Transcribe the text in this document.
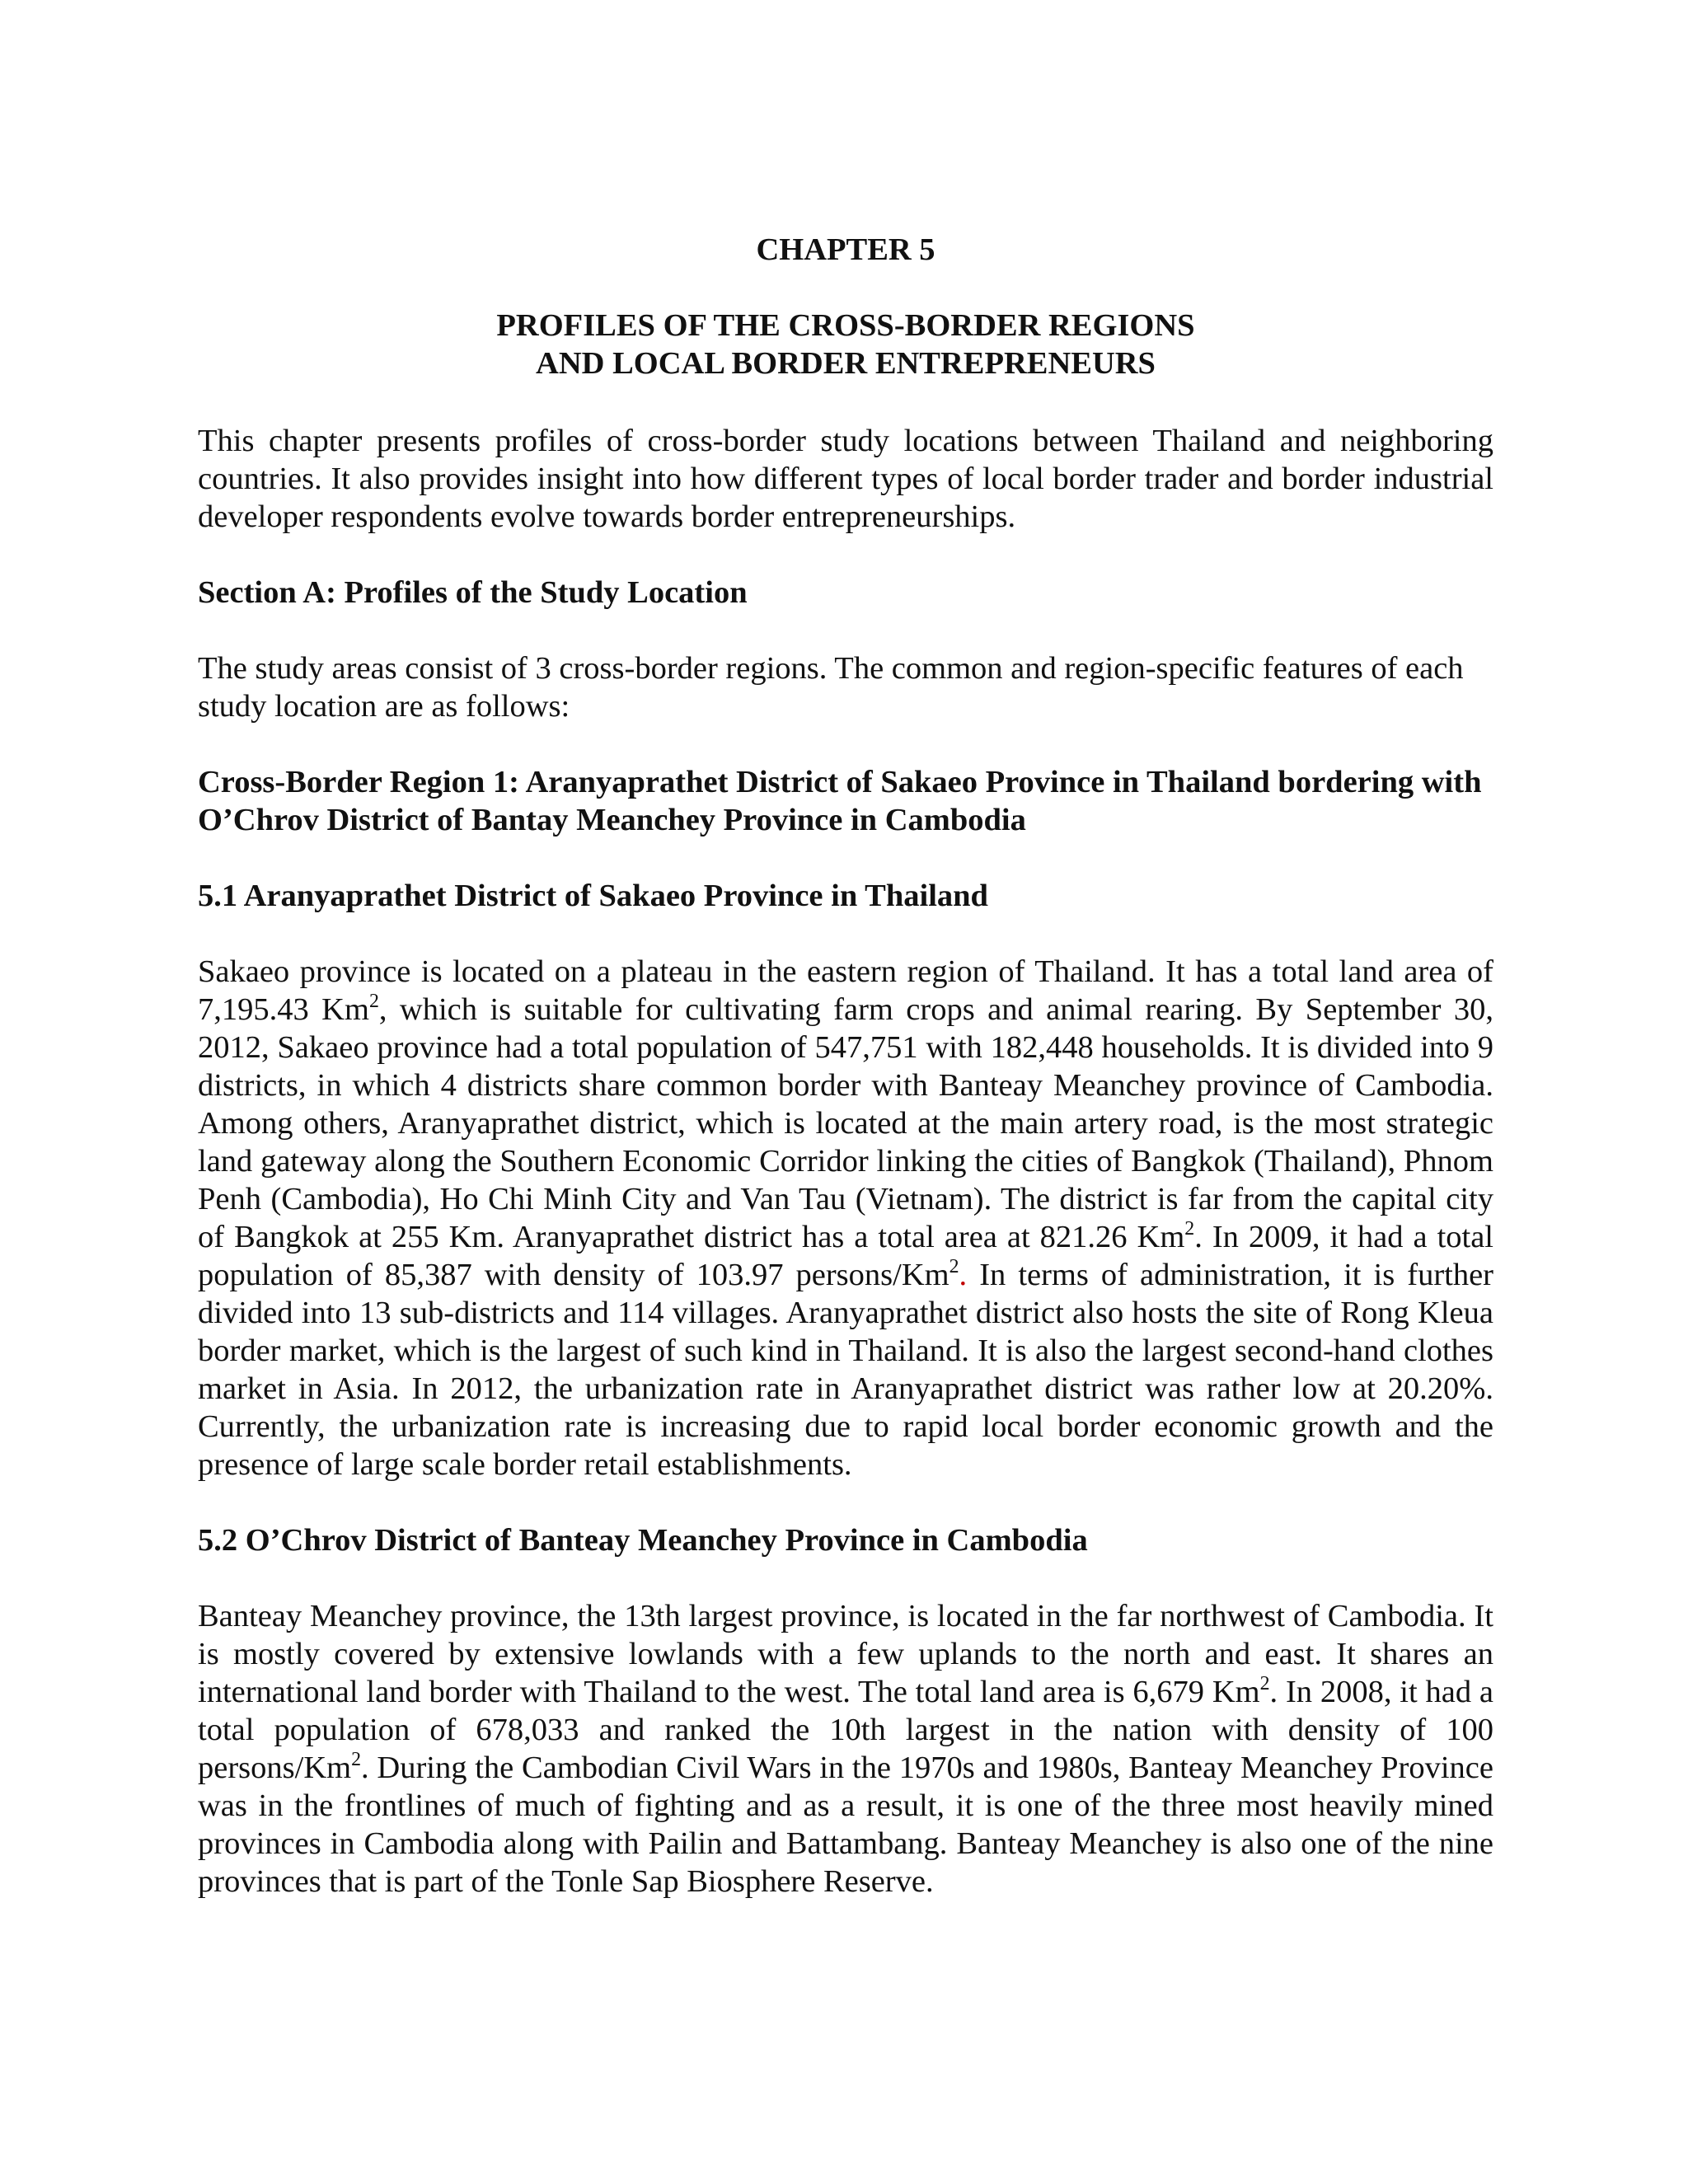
CHAPTER 5
PROFILES OF THE CROSS-BORDER REGIONS
AND LOCAL BORDER ENTREPRENEURS

This chapter presents profiles of cross-border study locations between Thailand and neighboring countries. It also provides insight into how different types of local border trader and border industrial developer respondents evolve towards border entrepreneurships.

Section A: Profiles of the Study Location

The study areas consist of 3 cross-border regions. The common and region-specific features of each study location are as follows:

Cross-Border Region 1: Aranyaprathet District of Sakaeo Province in Thailand bordering with O’Chrov District of Bantay Meanchey Province in Cambodia
5.1 Aranyaprathet District of Sakaeo Province in Thailand

Sakaeo province is located on a plateau in the eastern region of Thailand. It has a total land area of 7,195.43 Km$^2$, which is suitable for cultivating farm crops and animal rearing. By September 30, 2012, Sakaeo province had a total population of 547,751 with 182,448 households. It is divided into 9 districts, in which 4 districts share common border with Banteay Meanchey province of Cambodia. Among others, Aranyaprathet district, which is located at the main artery road, is the most strategic land gateway along the Southern Economic Corridor linking the cities of Bangkok (Thailand), Phnom Penh (Cambodia), Ho Chi Minh City and Van Tau (Vietnam). The district is far from the capital city of Bangkok at 255 Km. Aranyaprathet district has a total area at 821.26 Km$^2$. In 2009, it had a total population of 85,387 with density of 103.97 persons/Km$^2$. In terms of administration, it is further divided into 13 sub-districts and 114 villages. Aranyaprathet district also hosts the site of Rong Kleua border market, which is the largest of such kind in Thailand. It is also the largest second-hand clothes market in Asia. In 2012, the urbanization rate in Aranyaprathet district was rather low at 20.20%. Currently, the urbanization rate is increasing due to rapid local border economic growth and the presence of large scale border retail establishments.

5.2 O’Chrov District of Banteay Meanchey Province in Cambodia

Banteay Meanchey province, the 13th largest province, is located in the far northwest of Cambodia. It is mostly covered by extensive lowlands with a few uplands to the north and east. It shares an international land border with Thailand to the west. The total land area is 6,679 Km$^2$. In 2008, it had a total population of 678,033 and ranked the 10th largest in the nation with density of 100 persons/Km$^2$. During the Cambodian Civil Wars in the 1970s and 1980s, Banteay Meanchey Province was in the frontlines of much of fighting and as a result, it is one of the three most heavily mined provinces in Cambodia along with Pailin and Battambang. Banteay Meanchey is also one of the nine provinces that is part of the Tonle Sap Biosphere Reserve.
